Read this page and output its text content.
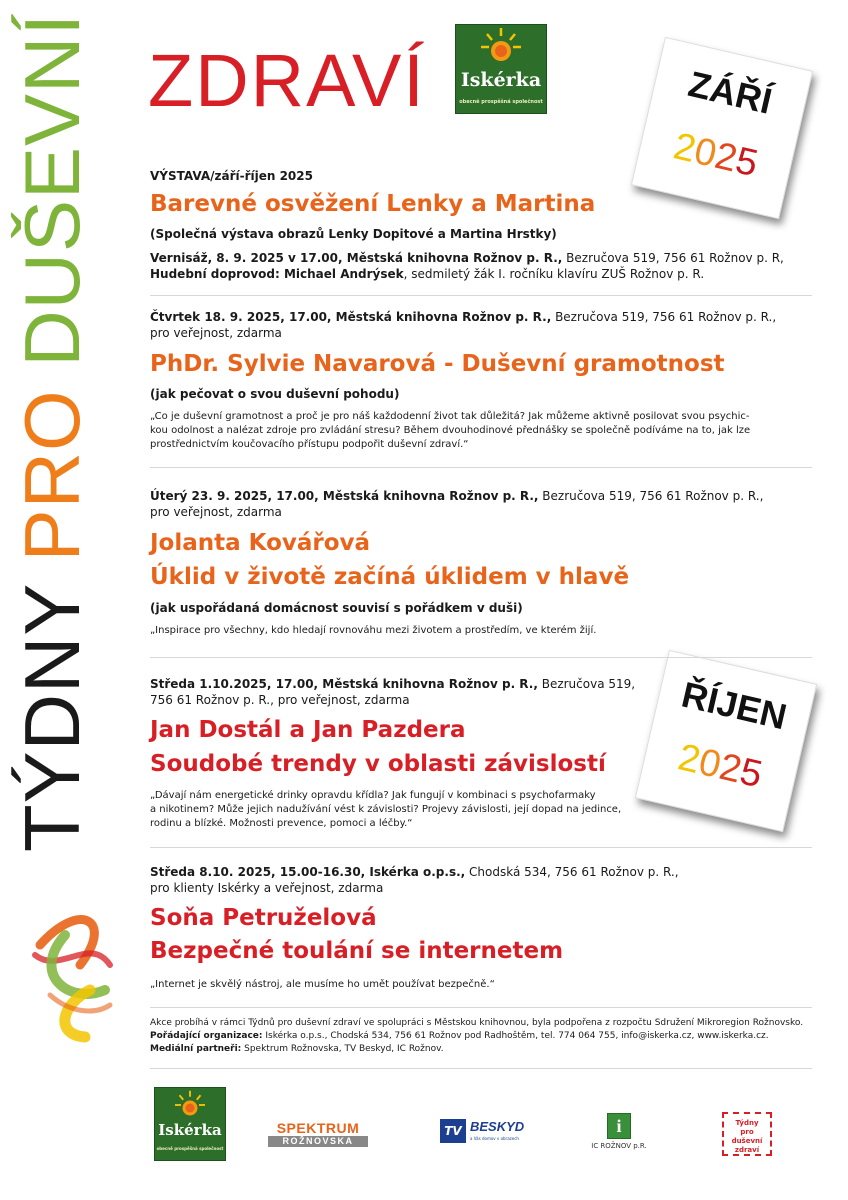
TÝDNY PRO DUŠEVNÍ ZDRAVÍ Iskérka
obecně prospěšná společnost	ZÁŘÍ
2025
ŘÍJEN
2025
VÝSTAVA/září-říjen 2025
Barevné osvěžení Lenky a Martina
(Společná výstava obrazů Lenky Dopitové a Martina Hrstky)
Vernisáž, 8. 9. 2025 v 17.00, Městská knihovna Rožnov p. R., Bezručova 519, 756 61 Rožnov p. R,
Hudební doprovod: Michael Andrýsek, sedmiletý žák I. ročníku klavíru ZUŠ Rožnov p. R.
Čtvrtek 18. 9. 2025, 17.00, Městská knihovna Rožnov p. R., Bezručova 519, 756 61 Rožnov p. R.,
pro veřejnost, zdarma
PhDr. Sylvie Navarová - Duševní gramotnost
(jak pečovat o svou duševní pohodu)
„Co je duševní gramotnost a proč je pro náš každodenní život tak důležitá? Jak můžeme aktivně posilovat svou psychic-
kou odolnost a nalézat zdroje pro zvládání stresu? Během dvouhodinové přednášky se společně podíváme na to, jak lze
prostřednictvím koučovacího přístupu podpořit duševní zdraví.“
Úterý 23. 9. 2025, 17.00, Městská knihovna Rožnov p. R., Bezručova 519, 756 61 Rožnov p. R.,
pro veřejnost, zdarma
Jolanta Kovářová
Úklid v životě začíná úklidem v hlavě
(jak uspořádaná domácnost souvisí s pořádkem v duši)
„Inspirace pro všechny, kdo hledají rovnováhu mezi životem a prostředím, ve kterém žijí.
Středa 1.10.2025, 17.00, Městská knihovna Rožnov p. R., Bezručova 519,
756 61 Rožnov p. R., pro veřejnost, zdarma
Jan Dostál a Jan Pazdera
Soudobé trendy v oblasti závislostí
„Dávají nám energetické drinky opravdu křídla? Jak fungují v kombinaci s psychofarmaky
a nikotinem? Může jejich nadužívání vést k závislosti? Projevy závislosti, její dopad na jedince,
rodinu a blízké. Možnosti prevence, pomoci a léčby.“
Středa 8.10. 2025, 15.00-16.30, Iskérka o.p.s., Chodská 534, 756 61 Rožnov p. R.,
pro klienty Iskérky a veřejnost, zdarma
Soňa Petruželová
Bezpečné toulání se internetem
„Internet je skvělý nástroj, ale musíme ho umět používat bezpečně.“
Akce probíhá v rámci Týdnů pro duševní zdraví ve spolupráci s Městskou knihovnou, byla podpořena z rozpočtu Sdružení Mikroregion Rožnovsko.
Pořádající organizace: Iskérka o.p.s., Chodská 534, 756 61 Rožnov pod Radhoštěm, tel. 774 064 755, info@iskerka.cz, www.iskerka.cz.
Mediální partneři: Spektrum Rožnovska, TV Beskyd, IC Rožnov.
Iskérka
obecně prospěšná společnost
SPEKTRUM
ROŽNOVSKA
TV BESKYD
a Vás domov v obrazech
i
IC ROŽNOV p.R.
Týdny
pro duševní
zdraví
